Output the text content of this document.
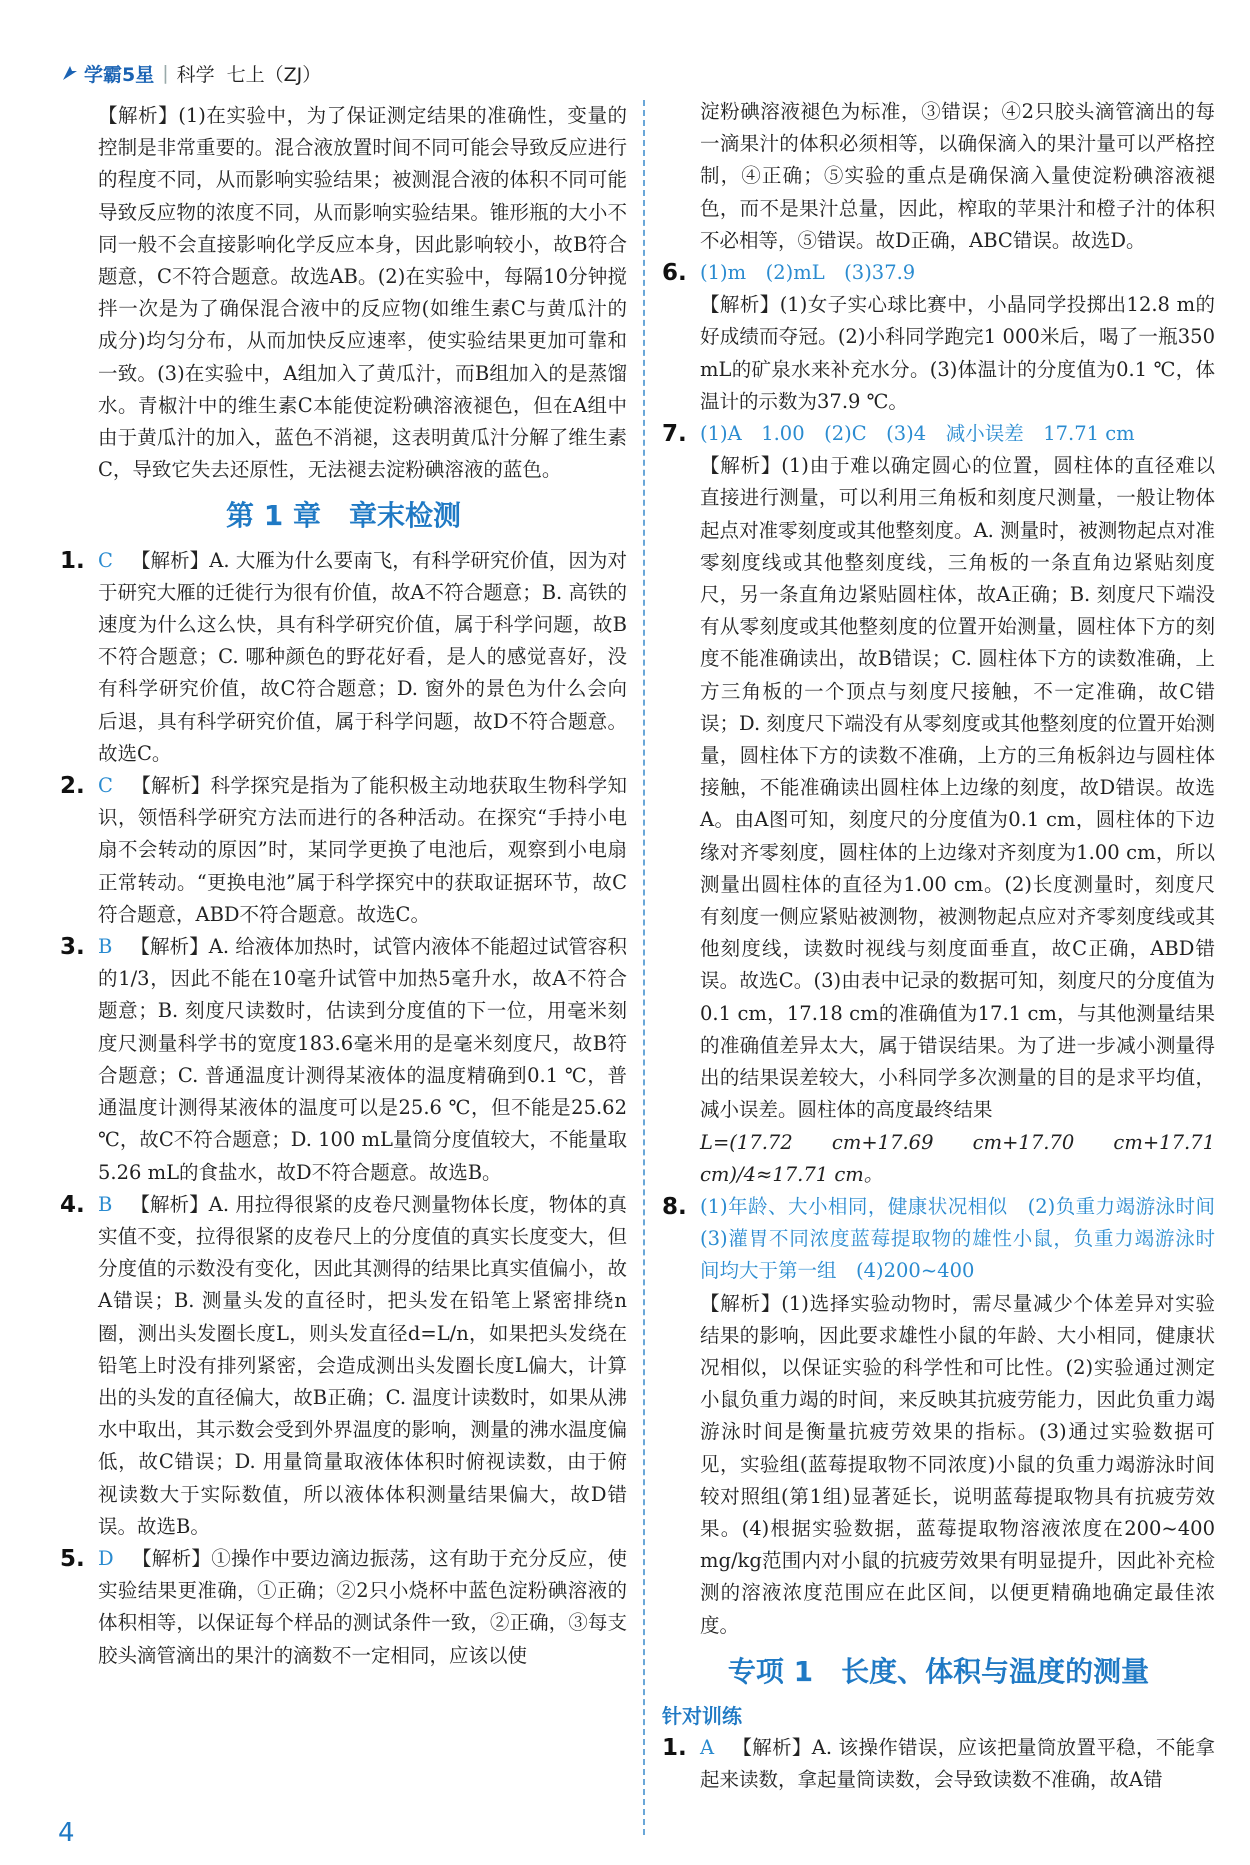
学霸5星 | 科学 七上（ZJ）

【解析】(1)在实验中，为了保证测定结果的准确性，变量的控制是非常重要的。混合液放置时间不同可能会导致反应进行的程度不同，从而影响实验结果；被测混合液的体积不同可能导致反应物的浓度不同，从而影响实验结果。锥形瓶的大小不同一般不会直接影响化学反应本身，因此影响较小，故B符合题意，C不符合题意。故选AB。(2)在实验中，每隔10分钟搅拌一次是为了确保混合液中的反应物(如维生素C与黄瓜汁的成分)均匀分布，从而加快反应速率，使实验结果更加可靠和一致。(3)在实验中，A组加入了黄瓜汁，而B组加入的是蒸馏水。青椒汁中的维生素C本能使淀粉碘溶液褪色，但在A组中由于黄瓜汁的加入，蓝色不消褪，这表明黄瓜汁分解了维生素C，导致它失去还原性，无法褪去淀粉碘溶液的蓝色。

第 1 章　章末检测
1. C 【解析】A. 大雁为什么要南飞，有科学研究价值，因为对于研究大雁的迁徙行为很有价值，故A不符合题意；B. 高铁的速度为什么这么快，具有科学研究价值，属于科学问题，故B不符合题意；C. 哪种颜色的野花好看，是人的感觉喜好，没有科学研究价值，故C符合题意；D. 窗外的景色为什么会向后退，具有科学研究价值，属于科学问题，故D不符合题意。故选C。

2. C 【解析】科学探究是指为了能积极主动地获取生物科学知识，领悟科学研究方法而进行的各种活动。在探究“手持小电扇不会转动的原因”时，某同学更换了电池后，观察到小电扇正常转动。“更换电池”属于科学探究中的获取证据环节，故C符合题意，ABD不符合题意。故选C。

3. B 【解析】A. 给液体加热时，试管内液体不能超过试管容积的1/3，因此不能在10毫升试管中加热5毫升水，故A不符合题意；B. 刻度尺读数时，估读到分度值的下一位，用毫米刻度尺测量科学书的宽度183.6毫米用的是毫米刻度尺，故B符合题意；C. 普通温度计测得某液体的温度精确到0.1 ℃，普通温度计测得某液体的温度可以是25.6 ℃，但不能是25.62 ℃，故C不符合题意；D. 100 mL量筒分度值较大，不能量取5.26 mL的食盐水，故D不符合题意。故选B。

4. B 【解析】A. 用拉得很紧的皮卷尺测量物体长度，物体的真实值不变，拉得很紧的皮卷尺上的分度值的真实长度变大，但分度值的示数没有变化，因此其测得的结果比真实值偏小，故A错误；B. 测量头发的直径时，把头发在铅笔上紧密排绕n圈，测出头发圈长度L，则头发直径d=L/n，如果把头发绕在铅笔上时没有排列紧密，会造成测出头发圈长度L偏大，计算出的头发的直径偏大，故B正确；C. 温度计读数时，如果从沸水中取出，其示数会受到外界温度的影响，测量的沸水温度偏低，故C错误；D. 用量筒量取液体体积时俯视读数，由于俯视读数大于实际数值，所以液体体积测量结果偏大，故D错误。故选B。

5. D 【解析】①操作中要边滴边振荡，这有助于充分反应，使实验结果更准确，①正确；②2只小烧杯中蓝色淀粉碘溶液的体积相等，以保证每个样品的测试条件一致，②正确，③每支胶头滴管滴出的果汁的滴数不一定相同，应该以使

淀粉碘溶液褪色为标准，③错误；④2只胶头滴管滴出的每一滴果汁的体积必须相等，以确保滴入的果汁量可以严格控制，④正确；⑤实验的重点是确保滴入量使淀粉碘溶液褪色，而不是果汁总量，因此，榨取的苹果汁和橙子汁的体积不必相等，⑤错误。故D正确，ABC错误。故选D。

6. (1)m　(2)mL　(3)37.9

【解析】(1)女子实心球比赛中，小晶同学投掷出12.8 m的好成绩而夺冠。(2)小科同学跑完1 000米后，喝了一瓶350 mL的矿泉水来补充水分。(3)体温计的分度值为0.1 ℃，体温计的示数为37.9 ℃。

7. (1)A　1.00　(2)C　(3)4　减小误差　17.71 cm

【解析】(1)由于难以确定圆心的位置，圆柱体的直径难以直接进行测量，可以利用三角板和刻度尺测量，一般让物体起点对准零刻度或其他整刻度。A. 测量时，被测物起点对准零刻度线或其他整刻度线，三角板的一条直角边紧贴刻度尺，另一条直角边紧贴圆柱体，故A正确；B. 刻度尺下端没有从零刻度或其他整刻度的位置开始测量，圆柱体下方的刻度不能准确读出，故B错误；C. 圆柱体下方的读数准确，上方三角板的一个顶点与刻度尺接触，不一定准确，故C错误；D. 刻度尺下端没有从零刻度或其他整刻度的位置开始测量，圆柱体下方的读数不准确，上方的三角板斜边与圆柱体接触，不能准确读出圆柱体上边缘的刻度，故D错误。故选A。由A图可知，刻度尺的分度值为0.1 cm，圆柱体的下边缘对齐零刻度，圆柱体的上边缘对齐刻度为1.00 cm，所以测量出圆柱体的直径为1.00 cm。(2)长度测量时，刻度尺有刻度一侧应紧贴被测物，被测物起点应对齐零刻度线或其他刻度线，读数时视线与刻度面垂直，故C正确，ABD错误。故选C。(3)由表中记录的数据可知，刻度尺的分度值为0.1 cm，17.18 cm的准确值为17.1 cm，与其他测量结果的准确值差异太大，属于错误结果。为了进一步减小测量得出的结果误差较大，小科同学多次测量的目的是求平均值，减小误差。圆柱体的高度最终结果

L=(17.72 cm+17.69 cm+17.70 cm+17.71 cm)/4≈17.71 cm。

8. (1)年龄、大小相同，健康状况相似　(2)负重力竭游泳时间　(3)灌胃不同浓度蓝莓提取物的雄性小鼠，负重力竭游泳时间均大于第一组　(4)200~400

【解析】(1)选择实验动物时，需尽量减少个体差异对实验结果的影响，因此要求雄性小鼠的年龄、大小相同，健康状况相似，以保证实验的科学性和可比性。(2)实验通过测定小鼠负重力竭的时间，来反映其抗疲劳能力，因此负重力竭游泳时间是衡量抗疲劳效果的指标。(3)通过实验数据可见，实验组(蓝莓提取物不同浓度)小鼠的负重力竭游泳时间较对照组(第1组)显著延长，说明蓝莓提取物具有抗疲劳效果。(4)根据实验数据，蓝莓提取物溶液浓度在200~400 mg/kg范围内对小鼠的抗疲劳效果有明显提升，因此补充检测的溶液浓度范围应在此区间，以便更精确地确定最佳浓度。

专项 1　长度、体积与温度的测量
针对训练
1. A 【解析】A. 该操作错误，应该把量筒放置平稳，不能拿起来读数，拿起量筒读数，会导致读数不准确，故A错

4
